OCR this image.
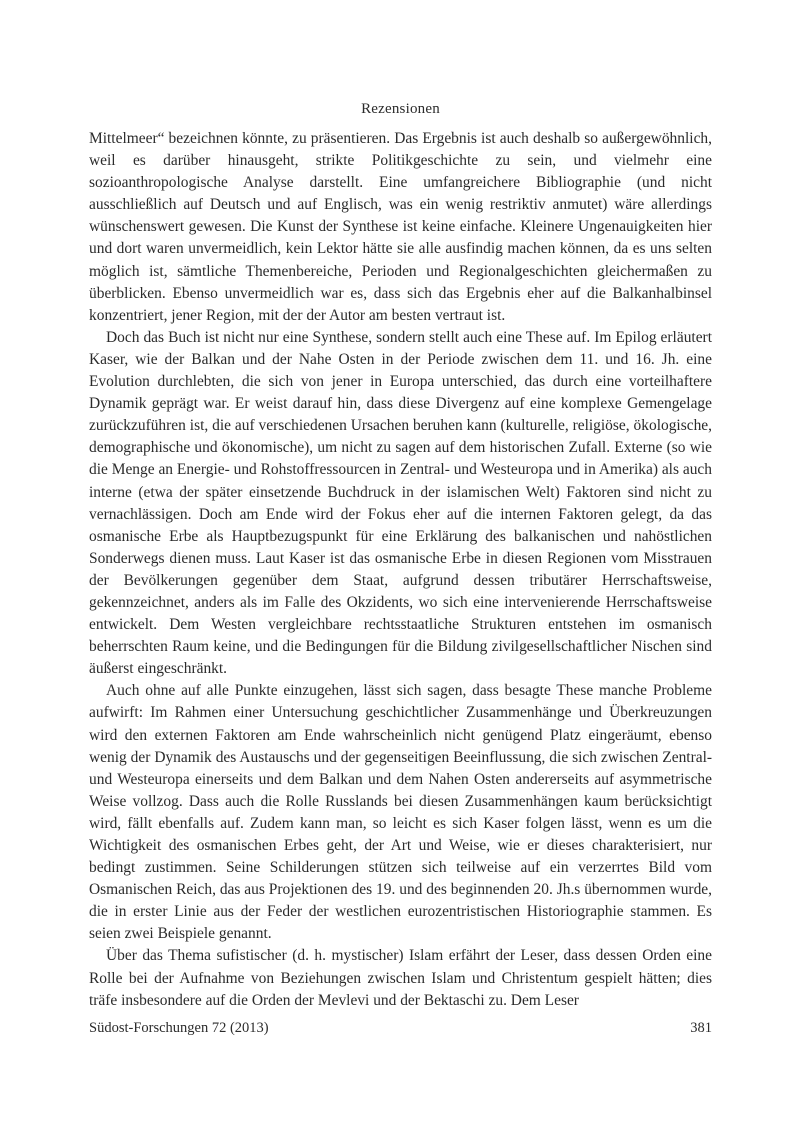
Rezensionen

Mittelmeer“ bezeichnen könnte, zu präsentieren. Das Ergebnis ist auch deshalb so außergewöhnlich, weil es darüber hinausgeht, strikte Politikgeschichte zu sein, und vielmehr eine sozioanthropologische Analyse darstellt. Eine umfangreichere Bibliographie (und nicht ausschließlich auf Deutsch und auf Englisch, was ein wenig restriktiv anmutet) wäre allerdings wünschenswert gewesen. Die Kunst der Synthese ist keine einfache. Kleinere Ungenauigkeiten hier und dort waren unvermeidlich, kein Lektor hätte sie alle ausfindig machen können, da es uns selten möglich ist, sämtliche Themenbereiche, Perioden und Regionalgeschichten gleichermaßen zu überblicken. Ebenso unvermeidlich war es, dass sich das Ergebnis eher auf die Balkanhalbinsel konzentriert, jener Region, mit der der Autor am besten vertraut ist.

Doch das Buch ist nicht nur eine Synthese, sondern stellt auch eine These auf. Im Epilog erläutert Kaser, wie der Balkan und der Nahe Osten in der Periode zwischen dem 11. und 16. Jh. eine Evolution durchlebten, die sich von jener in Europa unterschied, das durch eine vorteilhaftere Dynamik geprägt war. Er weist darauf hin, dass diese Divergenz auf eine komplexe Gemengelage zurückzuführen ist, die auf verschiedenen Ursachen beruhen kann (kulturelle, religiöse, ökologische, demographische und ökonomische), um nicht zu sagen auf dem historischen Zufall. Externe (so wie die Menge an Energie- und Rohstoffressourcen in Zentral- und Westeuropa und in Amerika) als auch interne (etwa der später einsetzende Buchdruck in der islamischen Welt) Faktoren sind nicht zu vernachlässigen. Doch am Ende wird der Fokus eher auf die internen Faktoren gelegt, da das osmanische Erbe als Hauptbezugspunkt für eine Erklärung des balkanischen und nahöstlichen Sonderwegs dienen muss. Laut Kaser ist das osmanische Erbe in diesen Regionen vom Misstrauen der Bevölkerungen gegenüber dem Staat, aufgrund dessen tributärer Herrschaftsweise, gekennzeichnet, anders als im Falle des Okzidents, wo sich eine intervenierende Herrschaftsweise entwickelt. Dem Westen vergleichbare rechtsstaatliche Strukturen entstehen im osmanisch beherrschten Raum keine, und die Bedingungen für die Bildung zivilgesellschaftlicher Nischen sind äußerst eingeschränkt.

Auch ohne auf alle Punkte einzugehen, lässt sich sagen, dass besagte These manche Probleme aufwirft: Im Rahmen einer Untersuchung geschichtlicher Zusammenhänge und Überkreuzungen wird den externen Faktoren am Ende wahrscheinlich nicht genügend Platz eingeräumt, ebenso wenig der Dynamik des Austauschs und der gegenseitigen Beeinflussung, die sich zwischen Zentral- und Westeuropa einerseits und dem Balkan und dem Nahen Osten andererseits auf asymmetrische Weise vollzog. Dass auch die Rolle Russlands bei diesen Zusammenhängen kaum berücksichtigt wird, fällt ebenfalls auf. Zudem kann man, so leicht es sich Kaser folgen lässt, wenn es um die Wichtigkeit des osmanischen Erbes geht, der Art und Weise, wie er dieses charakterisiert, nur bedingt zustimmen. Seine Schilderungen stützen sich teilweise auf ein verzerrtes Bild vom Osmanischen Reich, das aus Projektionen des 19. und des beginnenden 20. Jh.s übernommen wurde, die in erster Linie aus der Feder der westlichen eurozentristischen Historiographie stammen. Es seien zwei Beispiele genannt.

Über das Thema sufistischer (d. h. mystischer) Islam erfährt der Leser, dass dessen Orden eine Rolle bei der Aufnahme von Beziehungen zwischen Islam und Christentum gespielt hätten; dies träfe insbesondere auf die Orden der Mevlevi und der Bektaschi zu. Dem Leser

Südost-Forschungen 72 (2013)	381
